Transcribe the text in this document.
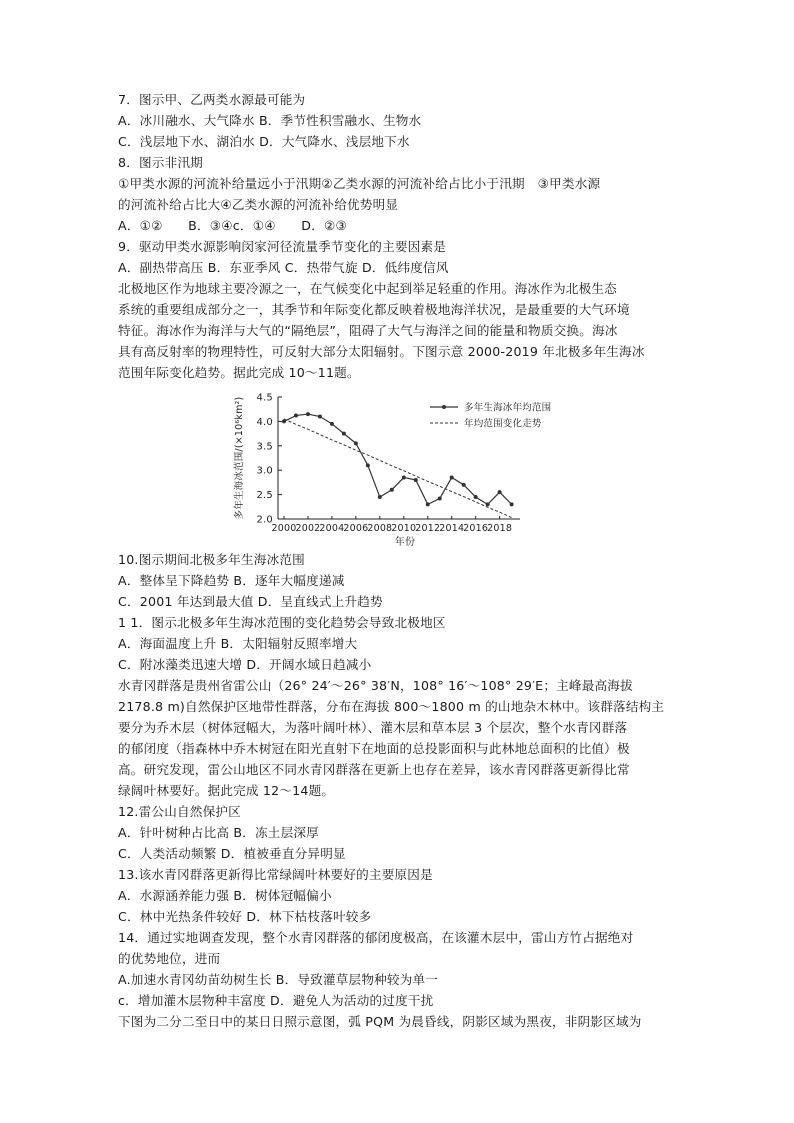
7．图示甲、乙两类水源最可能为
A．冰川融水、大气降水 B．季节性积雪融水、生物水
C．浅层地下水、湖泊水 D．大气降水、浅层地下水
8．图示非汛期
①甲类水源的河流补给量远小于汛期②乙类水源的河流补给占比小于汛期　③甲类水源
的河流补给占比大④乙类水源的河流补给优势明显
A．①②　　B．③④c．①④　　D．②③
9．驱动甲类水源影响闵家河径流量季节变化的主要因素是
A．副热带高压 B．东亚季风 C．热带气旋 D．低纬度信风
北极地区作为地球主要冷源之一，在气候变化中起到举足轻重的作用。海冰作为北极生态
系统的重要组成部分之一，其季节和年际变化都反映着极地海洋状况，是最重要的大气环境
特征。海冰作为海洋与大气的“隔绝层”，阻碍了大气与海洋之间的能量和物质交换。海冰
具有高反射率的物理特性，可反射大部分太阳辐射。下图示意 2000-2019 年北极多年生海冰
范围年际变化趋势。据此完成 10～11题。
2.0
2.5
3.0
3.5
4.0
4.5
2000
2002
2004
2006
2008
2010
2012
2014
2016
2018
年份
多年生海冰范围/(×10⁶km²)	多年生海冰年均范围
年均范围变化走势
10.图示期间北极多年生海冰范围
A．整体呈下降趋势 B．逐年大幅度递减
C．2001 年达到最大值 D．呈直线式上升趋势
1 1．图示北极多年生海冰范围的变化趋势会导致北极地区
A．海面温度上升 B．太阳辐射反照率增大
C．附冰藻类迅速大增 D．开阔水域日趋减小
水青冈群落是贵州省雷公山（26° 24′～26° 38′N，108° 16′～108° 29′E；主峰最高海拔
2178.8 m)自然保护区地带性群落，分布在海拔 800～1800 m 的山地杂木林中。该群落结构主
要分为乔木层（树体冠幅大，为落叶阔叶林）、灌木层和草本层 3 个层次，整个水青冈群落
的郁闭度（指森林中乔木树冠在阳光直射下在地面的总投影面积与此林地总面积的比值）极
高。研究发现，雷公山地区不同水青冈群落在更新上也存在差异，该水青冈群落更新得比常
绿阔叶林要好。据此完成 12～14题。
12.雷公山自然保护区
A．针叶树种占比高 B．冻土层深厚
C．人类活动频繁 D．植被垂直分异明显
13.该水青冈群落更新得比常绿阔叶林要好的主要原因是
A．水源涵养能力强 B．树体冠幅偏小
C．林中光热条件较好 D．林下枯枝落叶较多
14．通过实地调查发现，整个水青冈群落的郁闭度极高，在该灌木层中，雷山方竹占据绝对
的优势地位，进而
A.加速水青冈幼苗幼树生长 B．导致灌草层物种较为单一
c．增加灌木层物种丰富度 D．避免人为活动的过度干扰
下图为二分二至日中的某日日照示意图，弧 PQM 为晨昏线，阴影区域为黑夜，非阴影区域为
